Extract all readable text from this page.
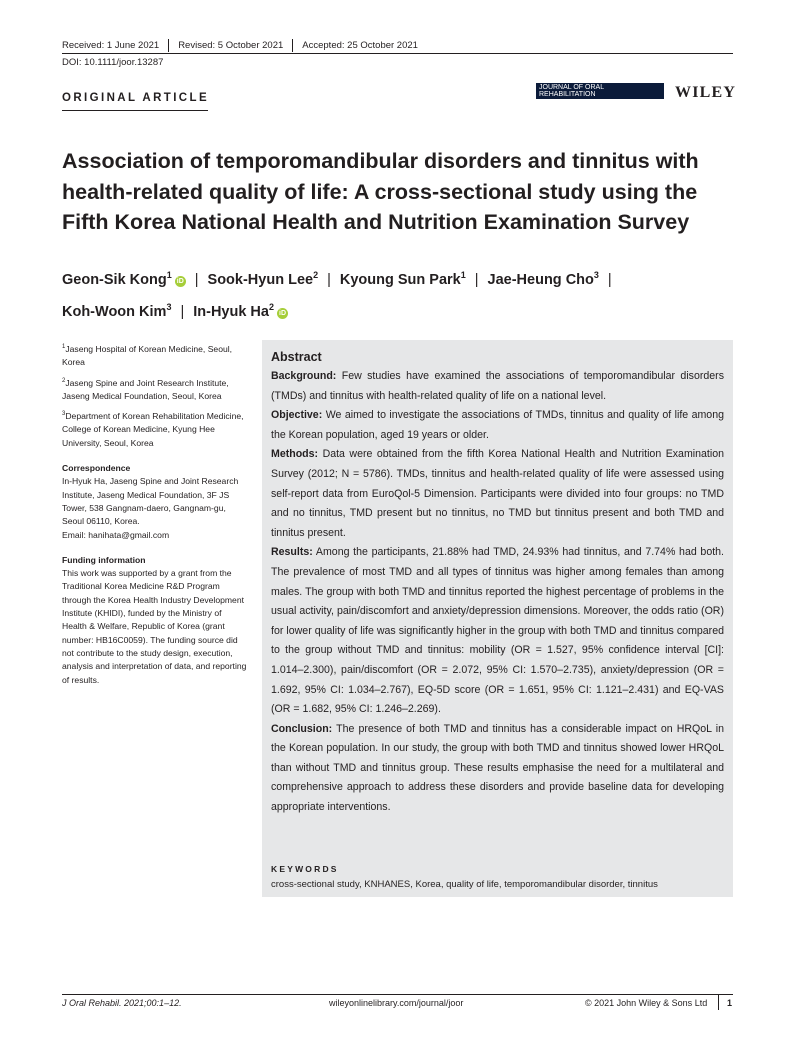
Received: 1 June 2021	Revised: 5 October 2021	Accepted: 25 October 2021
DOI: 10.1111/joor.13287
ORIGINAL ARTICLE
JOURNAL OF ORAL
REHABILITATION	WILEY
Association of temporomandibular disorders and tinnitus with health-related quality of life: A cross-sectional study using the Fifth Korea National Health and Nutrition Examination Survey
Geon-Sik Kong$^1$iD | Sook-Hyun Lee$^2$ | Kyoung Sun Park$^1$ | Jae-Heung Cho$^3$ |
Koh-Woon Kim$^3$ | In-Hyuk Ha$^2$iD

$^1$Jaseng Hospital of Korean Medicine, Seoul, Korea

$^2$Jaseng Spine and Joint Research Institute, Jaseng Medical Foundation, Seoul, Korea

$^3$Department of Korean Rehabilitation Medicine, College of Korean Medicine, Kyung Hee University, Seoul, Korea

Correspondence

In-Hyuk Ha, Jaseng Spine and Joint Research Institute, Jaseng Medical Foundation, 3F JS Tower, 538 Gangnam-daero, Gangnam-gu, Seoul 06110, Korea.

Email: hanihata@gmail.com

Funding information

This work was supported by a grant from the Traditional Korea Medicine R&D Program through the Korea Health Industry Development Institute (KHIDI), funded by the Ministry of Health & Welfare, Republic of Korea (grant number: HB16C0059). The funding source did not contribute to the study design, execution, analysis and interpretation of data, and reporting of results.

Abstract

Background: Few studies have examined the associations of temporomandibular disorders (TMDs) and tinnitus with health-related quality of life on a national level.

Objective: We aimed to investigate the associations of TMDs, tinnitus and quality of life among the Korean population, aged 19 years or older.

Methods: Data were obtained from the fifth Korea National Health and Nutrition Examination Survey (2012; N = 5786). TMDs, tinnitus and health-related quality of life were assessed using self-report data from EuroQol-5 Dimension. Participants were divided into four groups: no TMD and no tinnitus, TMD present but no tinnitus, no TMD but tinnitus present and both TMD and tinnitus present.

Results: Among the participants, 21.88% had TMD, 24.93% had tinnitus, and 7.74% had both. The prevalence of most TMD and all types of tinnitus was higher among females than among males. The group with both TMD and tinnitus reported the highest percentage of problems in the usual activity, pain/discomfort and anxiety/depression dimensions. Moreover, the odds ratio (OR) for lower quality of life was significantly higher in the group with both TMD and tinnitus compared to the group without TMD and tinnitus: mobility (OR = 1.527, 95% confidence interval [CI]: 1.014–2.300), pain/discomfort (OR = 2.072, 95% CI: 1.570–2.735), anxiety/depression (OR = 1.692, 95% CI: 1.034–2.767), EQ-5D score (OR = 1.651, 95% CI: 1.121–2.431) and EQ-VAS (OR = 1.682, 95% CI: 1.246–2.269).

Conclusion: The presence of both TMD and tinnitus has a considerable impact on HRQoL in the Korean population. In our study, the group with both TMD and tinnitus showed lower HRQoL than without TMD and tinnitus group. These results emphasise the need for a multilateral and comprehensive approach to address these disorders and provide baseline data for developing appropriate interventions.

KEYWORDS
cross-sectional study, KNHANES, Korea, quality of life, temporomandibular disorder, tinnitus
J Oral Rehabil. 2021;00:1–12.	wileyonlinelibrary.com/journal/joor	© 2021 John Wiley & Sons Ltd 1
